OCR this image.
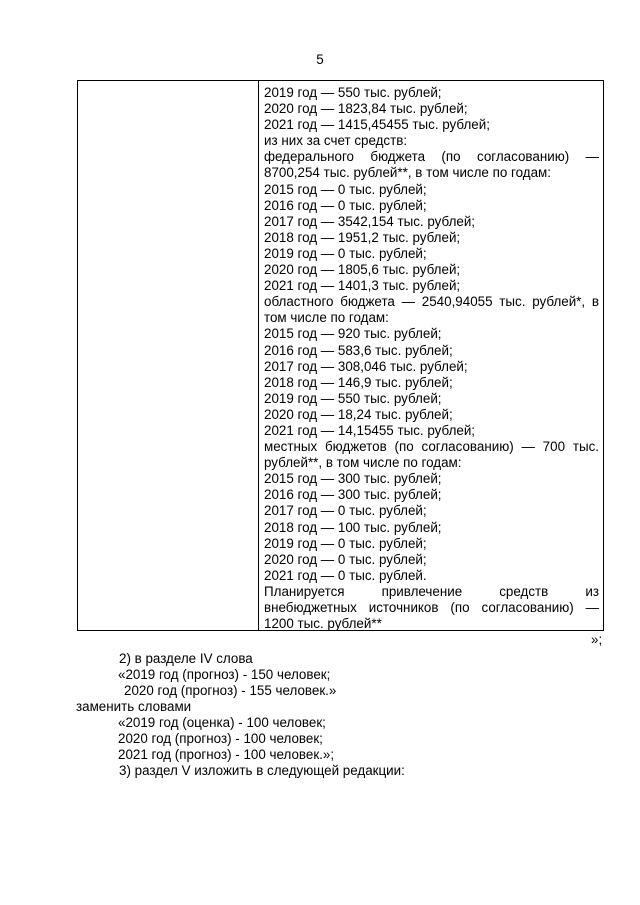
5
2019 год — 550 тыс. рублей;
2020 год — 1823,84 тыс. рублей;
2021 год — 1415,45455 тыс. рублей;
из них за счет средств:
федерального бюджета (по согласованию) —
8700,254 тыс. рублей**, в том числе по годам:
2015 год — 0 тыс. рублей;
2016 год — 0 тыс. рублей;
2017 год — 3542,154 тыс. рублей;
2018 год — 1951,2 тыс. рублей;
2019 год — 0 тыс. рублей;
2020 год — 1805,6 тыс. рублей;
2021 год — 1401,3 тыс. рублей;
областного бюджета — 2540,94055 тыс. рублей*, в
том числе по годам:
2015 год — 920 тыс. рублей;
2016 год — 583,6 тыс. рублей;
2017 год — 308,046 тыс. рублей;
2018 год — 146,9 тыс. рублей;
2019 год — 550 тыс. рублей;
2020 год — 18,24 тыс. рублей;
2021 год — 14,15455 тыс. рублей;
местных бюджетов (по согласованию) — 700 тыс.
рублей**, в том числе по годам:
2015 год — 300 тыс. рублей;
2016 год — 300 тыс. рублей;
2017 год — 0 тыс. рублей;
2018 год — 100 тыс. рублей;
2019 год — 0 тыс. рублей;
2020 год — 0 тыс. рублей;
2021 год — 0 тыс. рублей.
Планируется привлечение средств из
внебюджетных источников (по согласованию) —
1200 тыс. рублей**
»;
2) в разделе IV слова
«2019 год (прогноз) - 150 человек;
2020 год (прогноз) - 155 человек.»
заменить словами
«2019 год (оценка) - 100 человек;
2020 год (прогноз) - 100 человек;
2021 год (прогноз) - 100 человек.»;
3) раздел V изложить в следующей редакции:
